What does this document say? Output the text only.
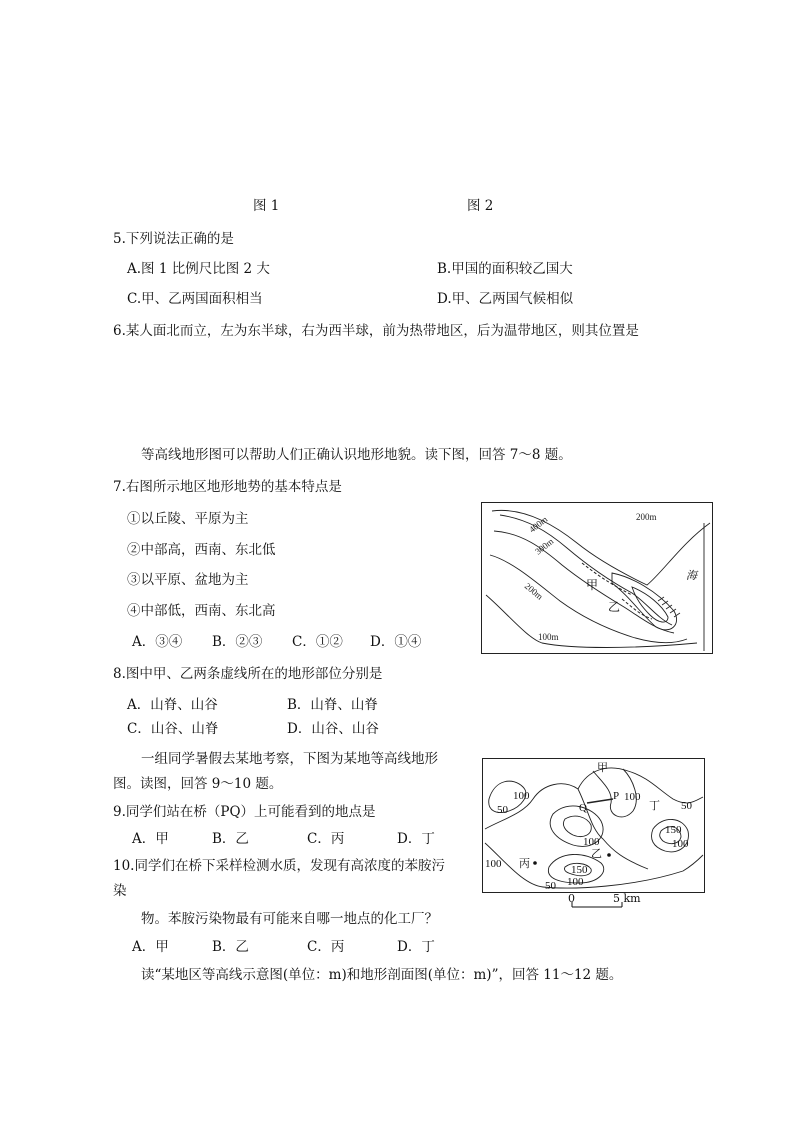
图 1	图 2
5.下列说法正确的是
A.图 1 比例尺比图 2 大	B.甲国的面积较乙国大
C.甲、乙两国面积相当	D.甲、乙两国气候相似
6.某人面北而立，左为东半球，右为西半球，前为热带地区，后为温带地区，则其位置是
等高线地形图可以帮助人们正确认识地形地貌。读下图，回答 7～8 题。
7.右图所示地区地形地势的基本特点是
①以丘陵、平原为主
②中部高，西南、东北低
③以平原、盆地为主
④中部低，西南、东北高
A．③④ B．②③ C．①② D．①④
8.图中甲、乙两条虚线所在的地形部位分别是
A．山脊、山谷	B．山脊、山脊
C．山谷、山脊	D．山谷、山谷
一组同学暑假去某地考察，下图为某地等高线地形
图。读图，回答 9～10 题。
9.同学们站在桥（PQ）上可能看到的地点是
A．甲	B．乙	C．丙	D．丁
10.同学们在桥下采样检测水质，发现有高浓度的苯胺污
染
物。苯胺污染物最有可能来自哪一地点的化工厂？
A．甲	B．乙	C．丙	D．丁
读“某地区等高线示意图(单位：m)和地形剖面图(单位：m)”，回答 11～12 题。
200m
400m
300m
200m
100m
甲
乙
海
甲
100
50	Q
P 100
丁 50
150
100
100
100 丙	150
乙
100
50
0	5 km
